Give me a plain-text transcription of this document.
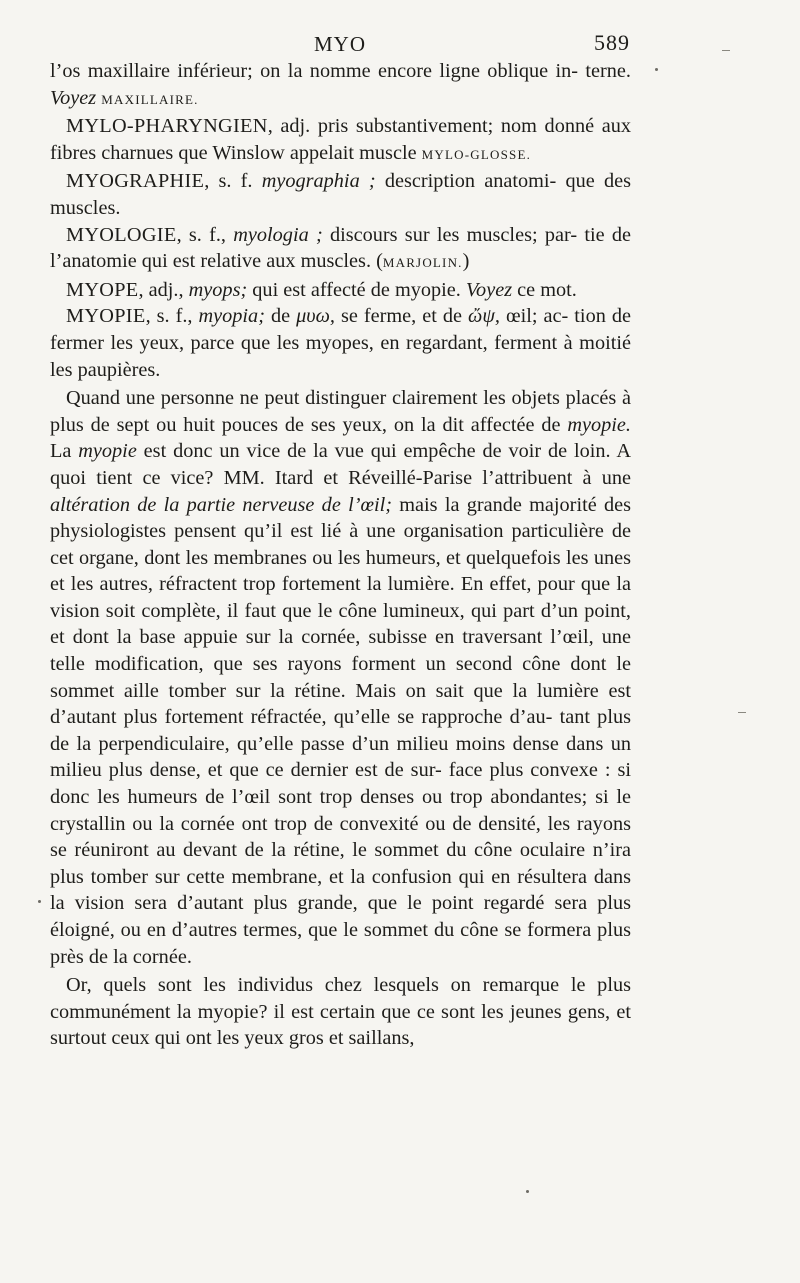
MYO	589

l’os maxillaire inférieur; on la nomme encore ligne oblique in- terne. Voyez MAXILLAIRE.

MYLO-PHARYNGIEN, adj. pris substantivement; nom donné aux fibres charnues que Winslow appelait muscle MYLO-GLOSSE.

MYOGRAPHIE, s. f. myographia ; description anatomi- que des muscles.

MYOLOGIE, s. f., myologia ; discours sur les muscles; par- tie de l’anatomie qui est relative aux muscles. (MARJOLIN.)

MYOPE, adj., myops; qui est affecté de myopie. Voyez ce mot.

MYOPIE, s. f., myopia; de μυω, se ferme, et de ὤψ, œil; ac- tion de fermer les yeux, parce que les myopes, en regardant, ferment à moitié les paupières.

Quand une personne ne peut distinguer clairement les objets placés à plus de sept ou huit pouces de ses yeux, on la dit affectée de myopie. La myopie est donc un vice de la vue qui empêche de voir de loin. A quoi tient ce vice? MM. Itard et Réveillé-Parise l’attribuent à une altération de la partie nerveuse de l’œil; mais la grande majorité des physiologistes pensent qu’il est lié à une organisation particulière de cet organe, dont les membranes ou les humeurs, et quelquefois les unes et les autres, réfractent trop fortement la lumière. En effet, pour que la vision soit complète, il faut que le cône lumineux, qui part d’un point, et dont la base appuie sur la cornée, subisse en traversant l’œil, une telle modification, que ses rayons forment un second cône dont le sommet aille tomber sur la rétine. Mais on sait que la lumière est d’autant plus fortement réfractée, qu’elle se rapproche d’au- tant plus de la perpendiculaire, qu’elle passe d’un milieu moins dense dans un milieu plus dense, et que ce dernier est de sur- face plus convexe : si donc les humeurs de l’œil sont trop denses ou trop abondantes; si le crystallin ou la cornée ont trop de convexité ou de densité, les rayons se réuniront au devant de la rétine, le sommet du cône oculaire n’ira plus tomber sur cette membrane, et la confusion qui en résultera dans la vision sera d’autant plus grande, que le point regardé sera plus éloigné, ou en d’autres termes, que le sommet du cône se formera plus près de la cornée.

Or, quels sont les individus chez lesquels on remarque le plus communément la myopie? il est certain que ce sont les jeunes gens, et surtout ceux qui ont les yeux gros et saillans,
